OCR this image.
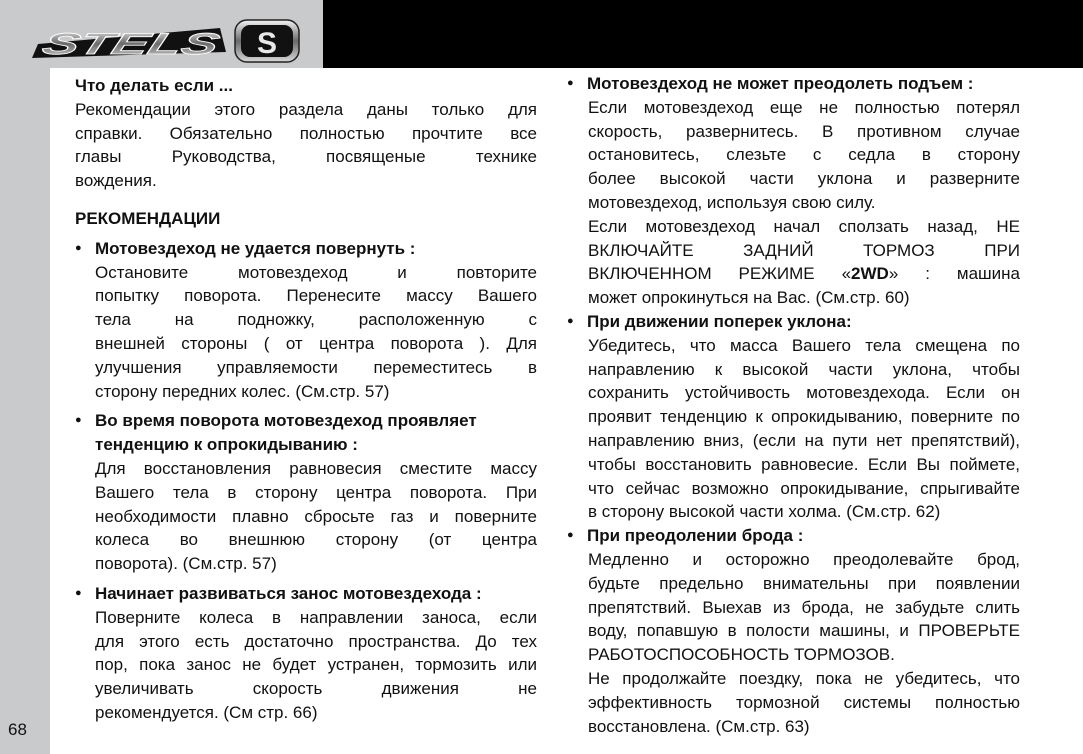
STELS	S
68

Что делать если ...

Рекомендации этого раздела даны только для

справки. Обязательно полностью прочтите все

главы Руководства, посвященые технике

вождения.

РЕКОМЕНДАЦИИ

● Мотовездеход не удается повернуть :

Остановите мотовездеход и повторите

попытку поворота. Перенесите массу Вашего

тела на подножку, расположенную с

внешней стороны ( от центра поворота ). Для

улучшения управляемости переместитесь в

сторону передних колес. (См.стр. 57)

● Во время поворота мотовездеход проявляет

тенденцию к опрокидыванию :

Для восстановления равновесия сместите массу

Вашего тела в сторону центра поворота. При

необходимости плавно сбросьте газ и поверните

колеса во внешнюю сторону (от центра

поворота). (См.стр. 57)

● Начинает развиваться занос мотовездехода :

Поверните колеса в направлении заноса, если

для этого есть достаточно пространства. До тех

пор, пока занос не будет устранен, тормозить или

увеличивать скорость движения не

рекомендуется. (См стр. 66)

● Мотовездеход не может преодолеть подъем :

Если мотовездеход еще не полностью потерял

скорость, развернитесь. В противном случае

остановитесь, слезьте с седла в сторону

более высокой части уклона и разверните

мотовездеход, используя свою силу.

Если мотовездеход начал сползать назад, НЕ

ВКЛЮЧАЙТЕ ЗАДНИЙ ТОРМОЗ ПРИ

ВКЛЮЧЕННОМ РЕЖИМЕ «2WD» : машина

может опрокинуться на Вас. (См.стр. 60)

● При движении поперек уклона:

Убедитесь, что масса Вашего тела смещена по

направлению к высокой части уклона, чтобы

сохранить устойчивость мотовездехода. Если он

проявит тенденцию к опрокидыванию, поверните по

направлению вниз, (если на пути нет препятствий),

чтобы восстановить равновесие. Если Вы поймете,

что сейчас возможно опрокидывание, спрыгивайте

в сторону высокой части холма. (См.стр. 62)

● При преодолении брода :

Медленно и осторожно преодолевайте брод,

будьте предельно внимательны при появлении

препятствий. Выехав из брода, не забудьте слить

воду, попавшую в полости машины, и ПРОВЕРЬТЕ

РАБОТОСПОСОБНОСТЬ ТОРМОЗОВ.

Не продолжайте поездку, пока не убедитесь, что

эффективность тормозной системы полностью

восстановлена. (См.стр. 63)
